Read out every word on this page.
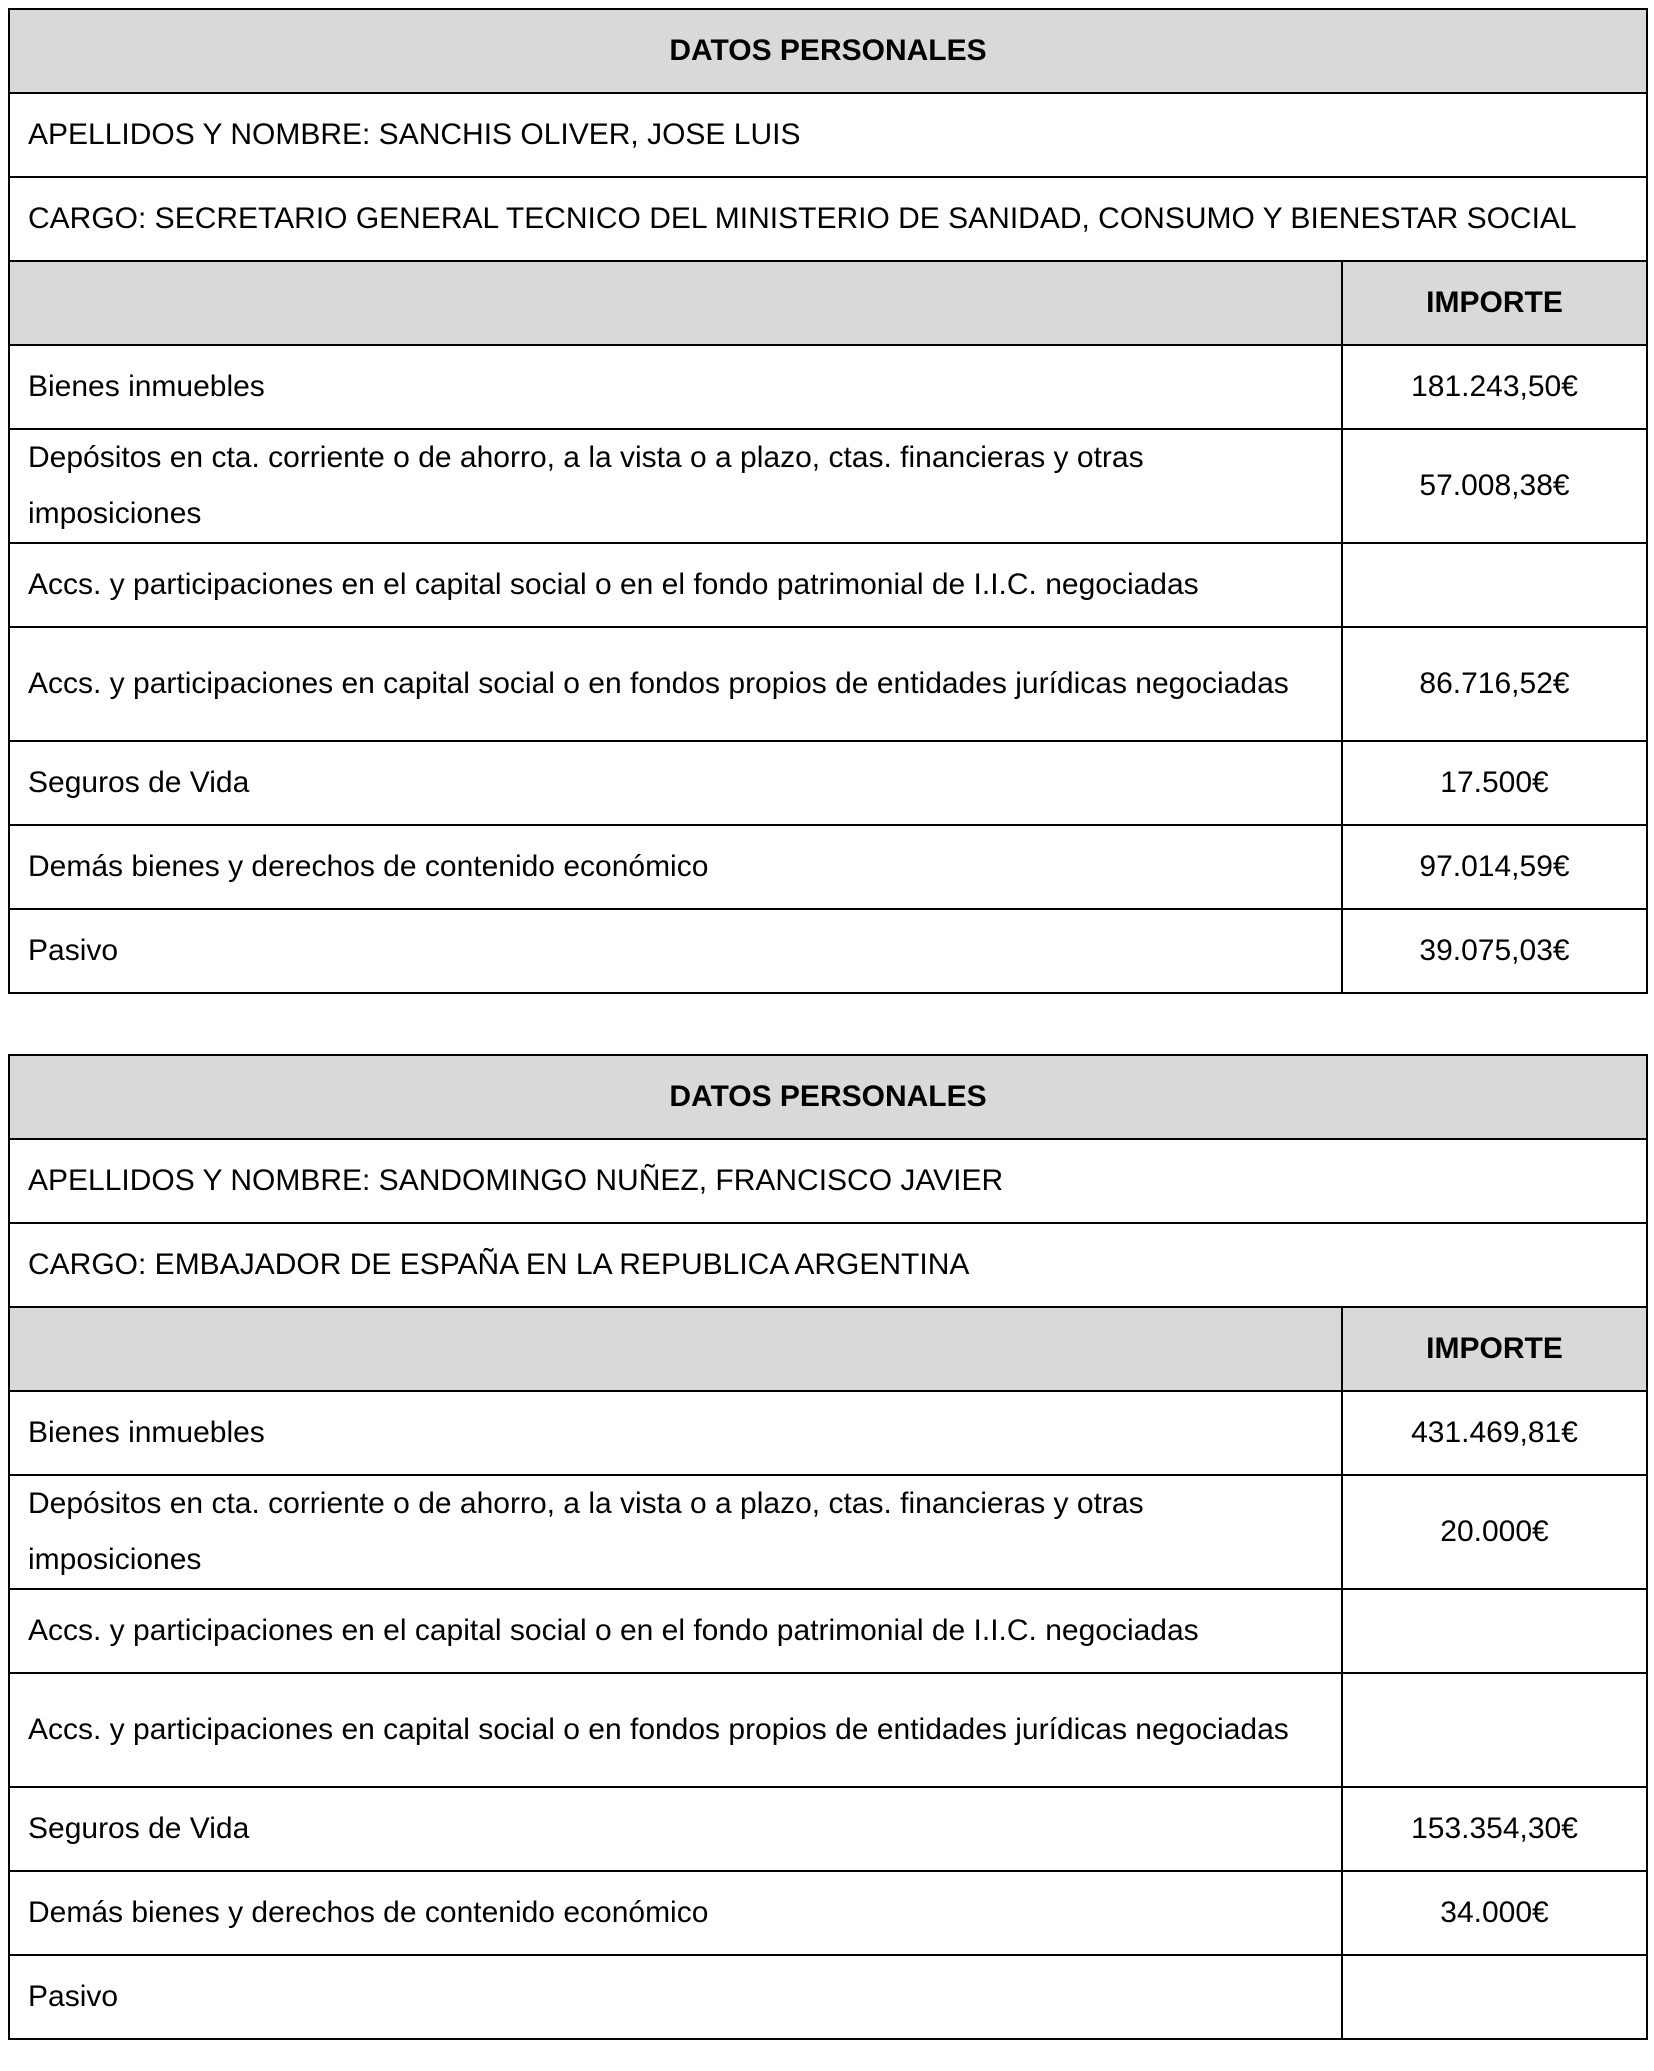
DATOS PERSONALES	
APELLIDOS Y NOMBRE: SANCHIS OLIVER, JOSE LUIS	
CARGO: SECRETARIO GENERAL TECNICO DEL MINISTERIO DE SANIDAD, CONSUMO Y BIENESTAR SOCIAL	
	IMPORTE
Bienes inmuebles	181.243,50€
Depósitos en cta. corriente o de ahorro, a la vista o a plazo, ctas. financieras y otras imposiciones	57.008,38€
Accs. y participaciones en el capital social o en el fondo patrimonial de I.I.C. negociadas	
Accs. y participaciones en capital social o en fondos propios de entidades jurídicas negociadas	86.716,52€
Seguros de Vida	17.500€
Demás bienes y derechos de contenido económico	97.014,59€
Pasivo	39.075,03€
DATOS PERSONALES	
APELLIDOS Y NOMBRE: SANDOMINGO NUÑEZ, FRANCISCO JAVIER	
CARGO: EMBAJADOR DE ESPAÑA EN LA REPUBLICA ARGENTINA	
	IMPORTE
Bienes inmuebles	431.469,81€
Depósitos en cta. corriente o de ahorro, a la vista o a plazo, ctas. financieras y otras imposiciones	20.000€
Accs. y participaciones en el capital social o en el fondo patrimonial de I.I.C. negociadas	
Accs. y participaciones en capital social o en fondos propios de entidades jurídicas negociadas	
Seguros de Vida	153.354,30€
Demás bienes y derechos de contenido económico	34.000€
Pasivo	
